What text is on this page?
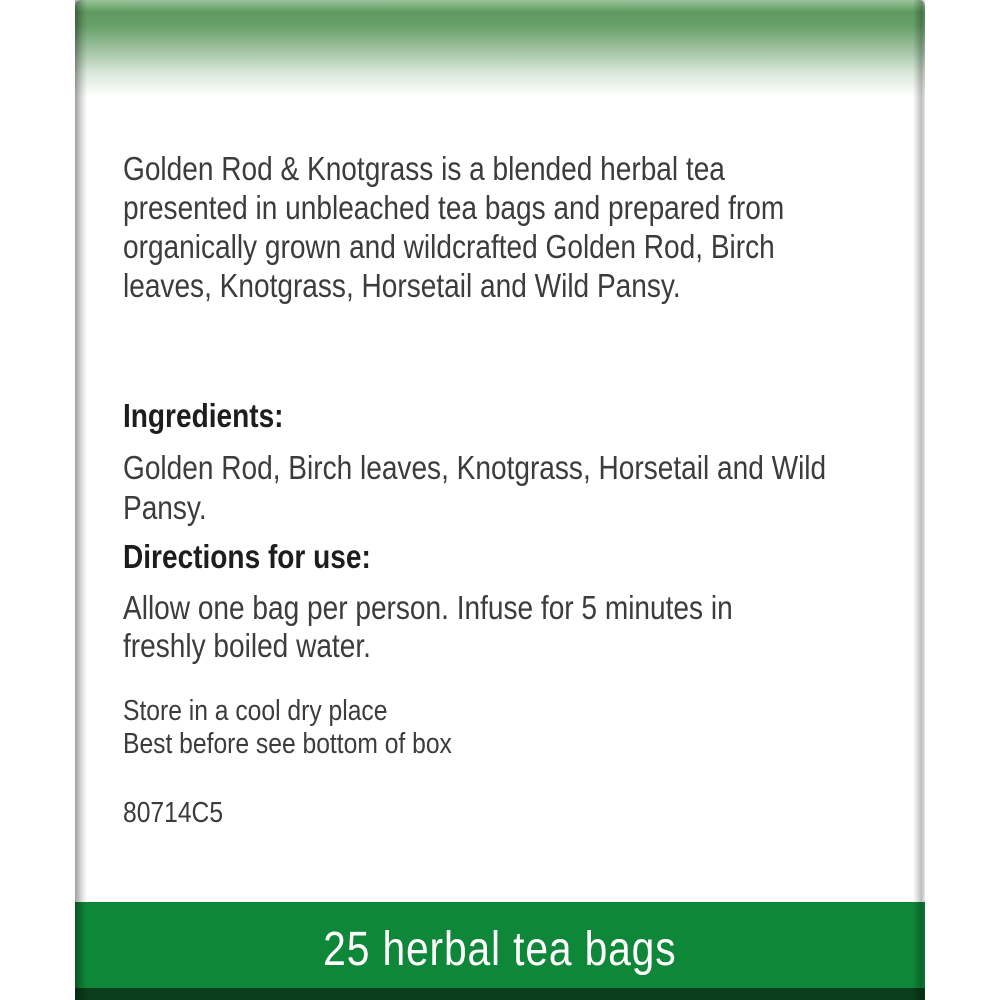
Golden Rod & Knotgrass is a blended herbal tea
presented in unbleached tea bags and prepared from
organically grown and wildcrafted Golden Rod, Birch
leaves, Knotgrass, Horsetail and Wild Pansy.
Ingredients:
Golden Rod, Birch leaves, Knotgrass, Horsetail and Wild
Pansy.
Directions for use:
Allow one bag per person. Infuse for 5 minutes in
freshly boiled water.
Store in a cool dry place
Best before see bottom of box
80714C5
25 herbal tea bags
